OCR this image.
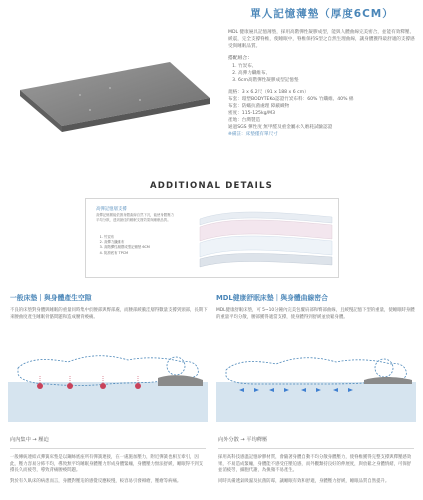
單人記憶薄墊（厚度6CM）

MDL 健康寢具記憶薄墊，採用高階彈性凝膠成型，能與人體曲線完美密合，並能有效釋壓、緩震，完全支撐脊椎，使睡眠中，脊椎保持S型之自然生理曲線，讓身體獲得最舒適的支撐感受與睡眠品質。

搭配組合：
1. 竹炭布、
2. 高彈力纖維布、
3. 6cm高階彈性凝膠成型記憶墊
規格：3 x 6.2尺（91 x 188 x 6 cm）
布套：環塑BODYTEKo認證竹炭布料：60% 竹纖維、40% 棉
布套：防蟎抗菌處理 障蔽織物
密度：115-125kg/M3
產地：台灣製造
通過SGS 彈性度 無甲醛及重金屬永久磨耗試驗認證
※備註：床墊僅有單尺寸
ADDITIONAL DETAILS
高彈記憶層支撐
高彈記憶層能依據身體曲線自然下沉，能使身體壓力平均分散，達到最佳的睡眠支撐效果與睡眠品質。
1. 竹炭布
2. 高彈力纖維布
3. 高階彈性凝膠成型記憶墊 6CM
4. 防滑底布 TPCM
一般床墊｜與身體產生空隙

不良的床墊對身體與睡眠的重量同時集中於腰部與臀部處，而腰部緩衝洼層得數量支撐到頸部，長期下來腰曲度產生睡眠骨骼問題和造成腰背痠痛。

MDL健康舒眠床墊｜與身體曲線密合

MDL健康舒眠床墊，可 5~10分鐘內完美包覆肩部和臀部曲線，且緩慢記憶下型的重量，使睡眠時身體的重量平均分散，腰部獲得適當支撐，使身體得到舒緩並放鬆身體。

向內集中 → 壓迫

一般傳統連結式彈簧床墊是以鋼絲底座所有彈簧連接，在一處施加壓力，附近彈簧也相互牽引，因此，壓力容易分佈不均，導致無平均睡眠身體壓力形成身體緊繃，身體壓力無法舒緩，睡眠得不到支撐長久而疲勞，導致背痛腰痠問題。

對於有久臥床的病患而言，身體對壓迫的感覺反應較慢，較容易引發褥瘡，壓瘡等病痛。

向外分散 → 平均釋壓

採用高科技感溫記憶矽膠材質，會隨著身體自動不均分散身體壓力，使脊椎獲得完整支撐與釋壓感效果，不易造成緊繃，身體能不感受任壓迫感，而外觀類持良好的伸展度，與放鬆之身體情緒，可保舒並消疲勞，細胞代謝，為換頻不易產生。

同時具備透氣吸濕及抗菌防霉，讓睡眠有效和舒適，身體壓力舒緩，睡眠品質自然提升。
